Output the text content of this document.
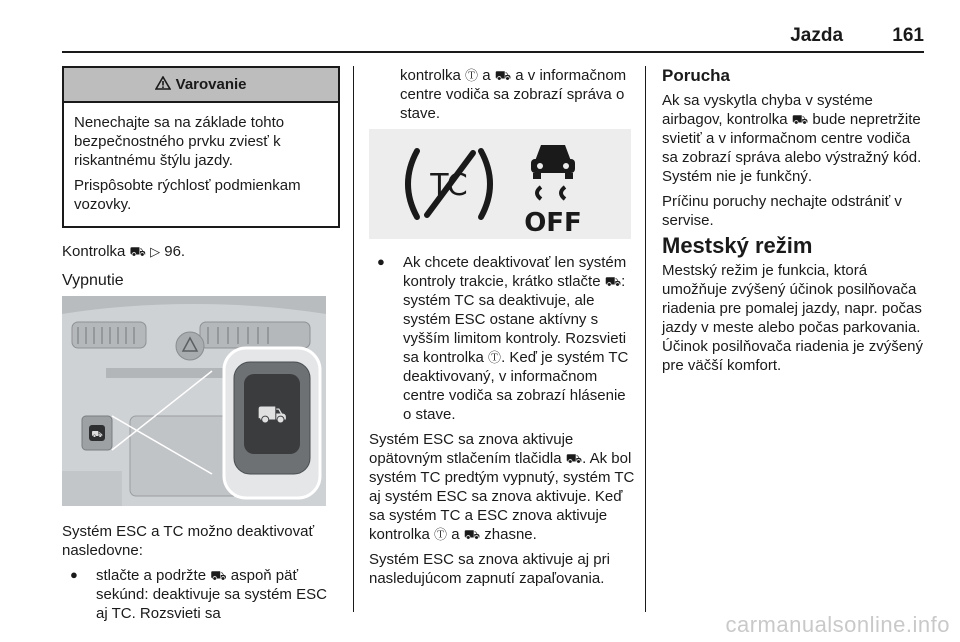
Jazda	161
Varovanie

Nenechajte sa na základe tohto bezpečnostného prvku zviesť k riskantnému štýlu jazdy.

Prispôsobte rýchlosť podmienkam vozovky.

Kontrolka ⛟ ▷ 96.

Vypnutie

⛟
⛟

Systém ESC a TC možno deaktivovať nasledovne:

● stlačte a podržte ⛟ aspoň päť sekúnd: deaktivuje sa systém ESC aj TC. Rozsvieti sa

kontrolka Ⓣ a ⛟ a v informačnom centre vodiča sa zobrazí správa o stave.

TC
OFF
● Ak chcete deaktivovať len systém kontroly trakcie, krátko stlačte ⛟: systém TC sa deaktivuje, ale systém ESC ostane aktívny s vyšším limitom kontroly. Rozsvieti sa kontrolka Ⓣ. Keď je systém TC deaktivovaný, v informačnom centre vodiča sa zobrazí hlásenie o stave.

Systém ESC sa znova aktivuje opätovným stlačením tlačidla ⛟. Ak bol systém TC predtým vypnutý, systém TC aj systém ESC sa znova aktivuje. Keď sa systém TC a ESC znova aktivuje kontrolka Ⓣ a ⛟ zhasne.

Systém ESC sa znova aktivuje aj pri nasledujúcom zapnutí zapaľovania.

Porucha

Ak sa vyskytla chyba v systéme airbagov, kontrolka ⛟ bude nepretržite svietiť a v informačnom centre vodiča sa zobrazí správa alebo výstražný kód. Systém nie je funkčný.

Príčinu poruchy nechajte odstrániť v servise.

Mestský režim

Mestský režim je funkcia, ktorá umožňuje zvýšený účinok posilňovača riadenia pre pomalej jazdy, napr. počas jazdy v meste alebo počas parkovania. Účinok posilňovača riadenia je zvýšený pre väčší komfort.

carmanualsonline.info
